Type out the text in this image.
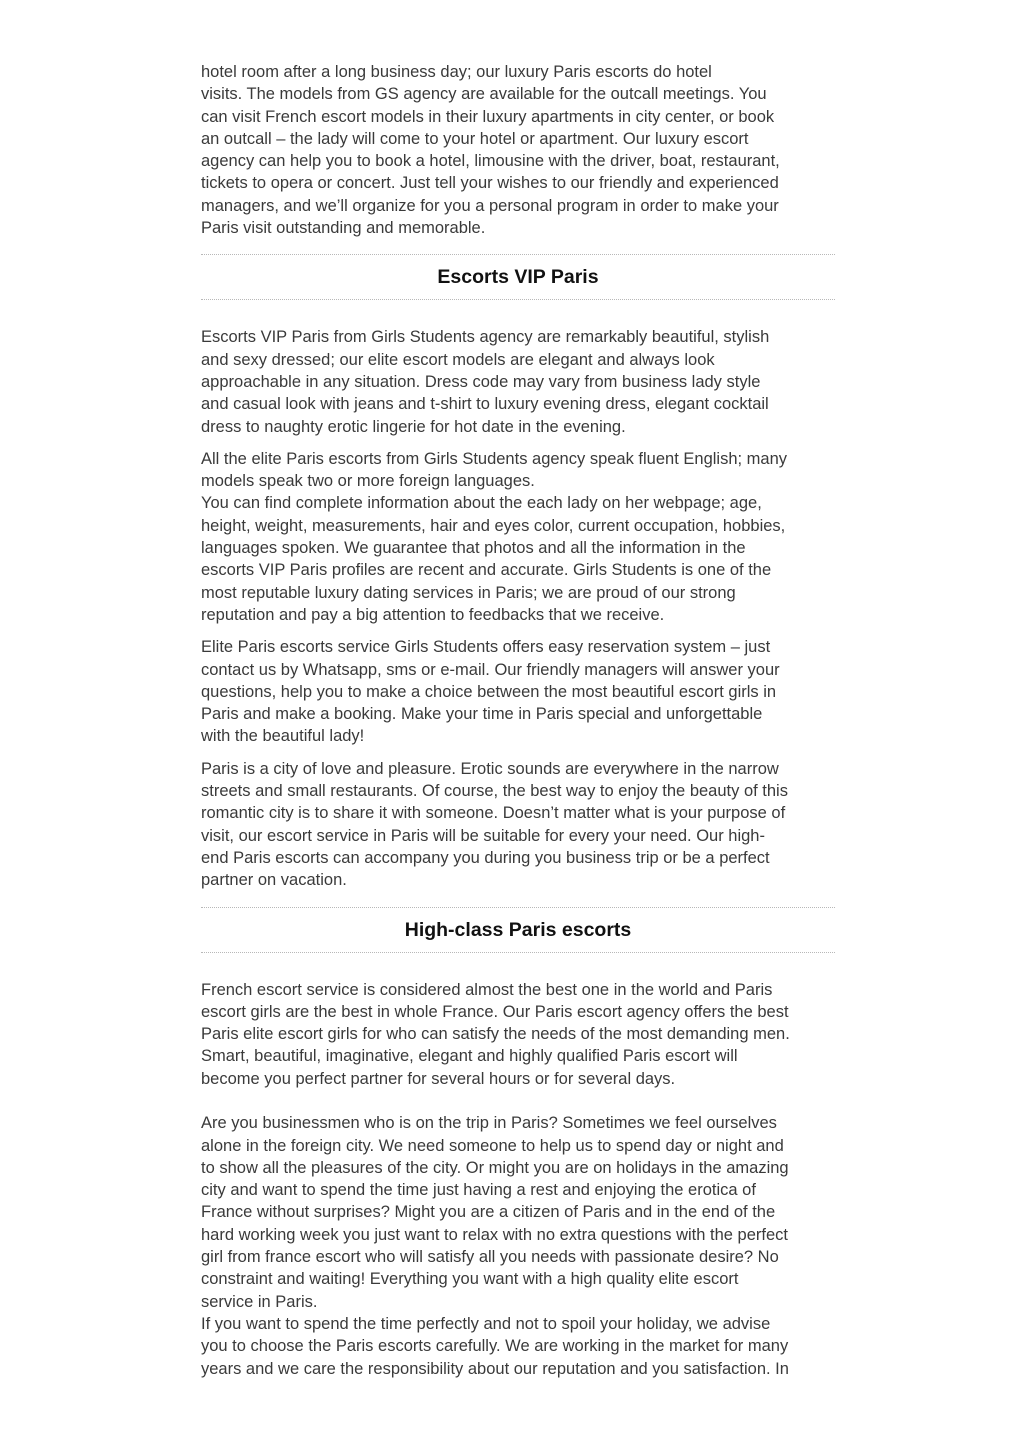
hotel room after a long business day; our luxury Paris escorts do hotel
visits. The models from GS agency are available for the outcall meetings. You
can visit French escort models in their luxury apartments in city center, or book
an outcall – the lady will come to your hotel or apartment. Our luxury escort
agency can help you to book a hotel, limousine with the driver, boat, restaurant,
tickets to opera or concert. Just tell your wishes to our friendly and experienced
managers, and we’ll organize for you a personal program in order to make your
Paris visit outstanding and memorable.
Escorts VIP Paris
Escorts VIP Paris from Girls Students agency are remarkably beautiful, stylish
and sexy dressed; our elite escort models are elegant and always look
approachable in any situation. Dress code may vary from business lady style
and casual look with jeans and t-shirt to luxury evening dress, elegant cocktail
dress to naughty erotic lingerie for hot date in the evening.
All the elite Paris escorts from Girls Students agency speak fluent English; many
models speak two or more foreign languages.
You can find complete information about the each lady on her webpage; age,
height, weight, measurements, hair and eyes color, current occupation, hobbies,
languages spoken. We guarantee that photos and all the information in the
escorts VIP Paris profiles are recent and accurate. Girls Students is one of the
most reputable luxury dating services in Paris; we are proud of our strong
reputation and pay a big attention to feedbacks that we receive.
Elite Paris escorts service Girls Students offers easy reservation system – just
contact us by Whatsapp, sms or e-mail. Our friendly managers will answer your
questions, help you to make a choice between the most beautiful escort girls in
Paris and make a booking. Make your time in Paris special and unforgettable
with the beautiful lady!
Paris is a city of love and pleasure. Erotic sounds are everywhere in the narrow
streets and small restaurants. Of course, the best way to enjoy the beauty of this
romantic city is to share it with someone. Doesn’t matter what is your purpose of
visit, our escort service in Paris will be suitable for every your need. Our high-
end Paris escorts can accompany you during you business trip or be a perfect
partner on vacation.
High-class Paris escorts
French escort service is considered almost the best one in the world and Paris
escort girls are the best in whole France. Our Paris escort agency offers the best
Paris elite escort girls for who can satisfy the needs of the most demanding men.
Smart, beautiful, imaginative, elegant and highly qualified Paris escort will
become you perfect partner for several hours or for several days.

Are you businessmen who is on the trip in Paris? Sometimes we feel ourselves
alone in the foreign city. We need someone to help us to spend day or night and
to show all the pleasures of the city. Or might you are on holidays in the amazing
city and want to spend the time just having a rest and enjoying the erotica of
France without surprises? Might you are a citizen of Paris and in the end of the
hard working week you just want to relax with no extra questions with the perfect
girl from france escort who will satisfy all you needs with passionate desire? No
constraint and waiting! Everything you want with a high quality elite escort
service in Paris.
If you want to spend the time perfectly and not to spoil your holiday, we advise
you to choose the Paris escorts carefully. We are working in the market for many
years and we care the responsibility about our reputation and you satisfaction. In
